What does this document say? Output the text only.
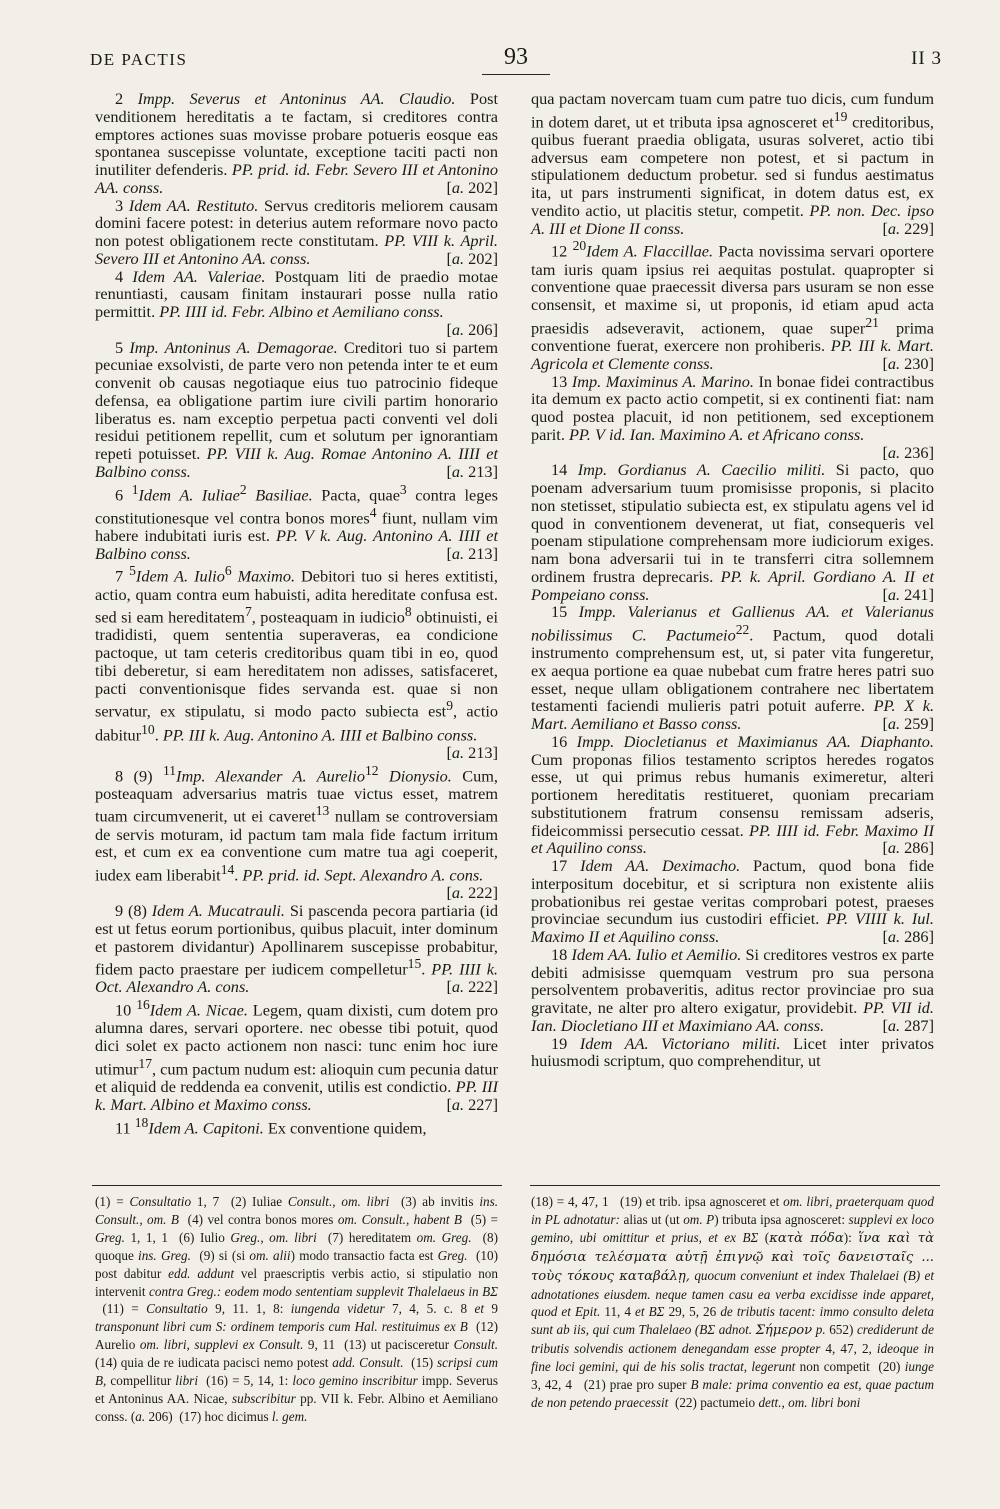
DE PACTIS	93	II 3

2 Impp. Severus et Antoninus AA. Claudio. Post venditionem hereditatis a te factam, si creditores contra emptores actiones suas movisse probare potueris eosque eas spontanea suscepisse voluntate, exceptione taciti pacti non inutiliter defenderis. PP. prid. id. Febr. Severo III et Antonino AA. conss.	[a. 202]

3 Idem AA. Restituto. Servus creditoris meliorem causam domini facere potest: in deterius autem reformare novo pacto non potest obligationem recte constitutam. PP. VIII k. April. Severo III et Antonino AA. conss.	[a. 202]

4 Idem AA. Valeriae. Postquam liti de praedio motae renuntiasti, causam finitam instaurari posse nulla ratio permittit. PP. IIII id. Febr. Albino et Aemiliano conss.
[a. 206]

5 Imp. Antoninus A. Demagorae. Creditori tuo si partem pecuniae exsolvisti, de parte vero non petenda inter te et eum convenit ob causas negotiaque eius tuo patrocinio fideque defensa, ea obligatione partim iure civili partim honorario liberatus es. nam exceptio perpetua pacti conventi vel doli residui petitionem repellit, cum et solutum per ignorantiam repeti potuisset. PP. VIII k. Aug. Romae Antonino A. IIII et Balbino conss.	[a. 213]

6 $^1$Idem A. Iuliae$^2$ Basiliae. Pacta, quae$^3$ contra leges constitutionesque vel contra bonos mores$^4$ fiunt, nullam vim habere indubitati iuris est. PP. V k. Aug. Antonino A. IIII et Balbino conss.	[a. 213]

7 $^5$Idem A. Iulio$^6$ Maximo. Debitori tuo si heres extitisti, actio, quam contra eum habuisti, adita hereditate confusa est. sed si eam hereditatem$^7$, posteaquam in iudicio$^8$ obtinuisti, ei tradidisti, quem sententia superaveras, ea condicione pactoque, ut tam ceteris creditoribus quam tibi in eo, quod tibi deberetur, si eam hereditatem non adisses, satisfaceret, pacti conventionisque fides servanda est. quae si non servatur, ex stipulatu, si modo pacto subiecta est$^9$, actio dabitur$^{10}$. PP. III k. Aug. Antonino A. IIII et Balbino conss.
[a. 213]

8 (9) $^{11}$Imp. Alexander A. Aurelio$^{12}$ Dionysio. Cum, posteaquam adversarius matris tuae victus esset, matrem tuam circumvenerit, ut ei caveret$^{13}$ nullam se controversiam de servis moturam, id pactum tam mala fide factum irritum est, et cum ex ea conventione cum matre tua agi coeperit, iudex eam liberabit$^{14}$. PP. prid. id. Sept. Alexandro A. cons.
[a. 222]

9 (8) Idem A. Mucatrauli. Si pascenda pecora partiaria (id est ut fetus eorum portionibus, quibus placuit, inter dominum et pastorem dividantur) Apollinarem suscepisse probabitur, fidem pacto praestare per iudicem compelletur$^{15}$. PP. IIII k. Oct. Alexandro A. cons.	[a. 222]

10 $^{16}$Idem A. Nicae. Legem, quam dixisti, cum dotem pro alumna dares, servari oportere. nec obesse tibi potuit, quod dici solet ex pacto actionem non nasci: tunc enim hoc iure utimur$^{17}$, cum pactum nudum est: alioquin cum pecunia datur et aliquid de reddenda ea convenit, utilis est condictio. PP. III k. Mart. Albino et Maximo conss.	[a. 227]

11 $^{18}$Idem A. Capitoni. Ex conventione quidem,

qua pactam novercam tuam cum patre tuo dicis, cum fundum in dotem daret, ut et tributa ipsa agnosceret $et^{19}$ creditoribus, quibus fuerant praedia obligata, usuras solveret, actio tibi adversus eam competere non potest, et si pactum in stipulationem deductum probetur. sed si fundus aestimatus ita, ut pars instrumenti significat, in dotem datus est, ex vendito actio, ut placitis stetur, competit. PP. non. Dec. ipso A. III et Dione II conss.	[a. 229]

12 $^{20}$Idem A. Flaccillae. Pacta novissima servari oportere tam iuris quam ipsius rei aequitas postulat. quapropter si conventione quae praecessit diversa pars usuram se non esse consensit, et maxime si, ut proponis, id etiam apud acta praesidis adseveravit, actionem, quae super$^{21}$ prima conventione fuerat, exercere non prohiberis. PP. III k. Mart. Agricola et Clemente conss.	[a. 230]

13 Imp. Maximinus A. Marino. In bonae fidei contractibus ita demum ex pacto actio competit, si ex continenti fiat: nam quod postea placuit, id non petitionem, sed exceptionem parit. PP. V id. Ian. Maximino A. et Africano conss.
[a. 236]

14 Imp. Gordianus A. Caecilio militi. Si pacto, quo poenam adversarium tuum promisisse proponis, si placito non stetisset, stipulatio subiecta est, ex stipulatu agens vel id quod in conventionem devenerat, ut fiat, consequeris vel poenam stipulatione comprehensam more iudiciorum exiges. nam bona adversarii tui in te transferri citra sollemnem ordinem frustra deprecaris. PP. k. April. Gordiano A. II et Pompeiano conss.	[a. 241]

15 Impp. Valerianus et Gallienus AA. et Valerianus nobilissimus C. Pactumeio$^{22}$. Pactum, quod dotali instrumento comprehensum est, ut, si pater vita fungeretur, ex aequa portione ea quae nubebat cum fratre heres patri suo esset, neque ullam obligationem contrahere nec libertatem testamenti faciendi mulieris patri potuit auferre. PP. X k. Mart. Aemiliano et Basso conss.	[a. 259]

16 Impp. Diocletianus et Maximianus AA. Diaphanto. Cum proponas filios testamento scriptos heredes rogatos esse, ut qui primus rebus humanis eximeretur, alteri portionem hereditatis restitueret, quoniam precariam substitutionem fratrum consensu remissam adseris, fideicommissi persecutio cessat. PP. IIII id. Febr. Maximo II et Aquilino conss.	[a. 286]

17 Idem AA. Deximacho. Pactum, quod bona fide interpositum docebitur, et si scriptura non existente aliis probationibus rei gestae veritas comprobari potest, praeses provinciae secundum ius custodiri efficiet. PP. VIIII k. Iul. Maximo II et Aquilino conss.	[a. 286]

18 Idem AA. Iulio et Aemilio. Si creditores vestros ex parte debiti admisisse quemquam vestrum pro sua persona persolventem probaveritis, aditus rector provinciae pro sua gravitate, ne alter pro altero exigatur, providebit. PP. VII id. Ian. Diocletiano III et Maximiano AA. conss.	[a. 287]

19 Idem AA. Victoriano militi. Licet inter privatos huiusmodi scriptum, quo comprehenditur, ut

(1) = Consultatio 1, 7  (2) Iuliae Consult., om. libri  (3) ab invitis ins. Consult., om. B  (4) vel contra bonos mores om. Consult., habent B  (5) = Greg. 1, 1, 1  (6) Iulio Greg., om. libri  (7) hereditatem om. Greg.  (8) quoque ins. Greg.  (9) si (si om. alii) modo transactio facta est Greg.  (10) post dabitur edd. addunt vel praescriptis verbis actio, si stipulatio non intervenit contra Greg.: eodem modo sententiam supplevit Thalelaeus in BΣ  (11) = Consultatio 9, 11. 1, 8: iungenda videtur 7, 4, 5. c. 8 et 9 transponunt libri cum S: ordinem temporis cum Hal. restituimus ex B  (12) Aurelio om. libri, supplevi ex Consult. 9, 11  (13) ut pacisceretur Consult. (14) quia de re iudicata pacisci nemo potest add. Consult.  (15) scripsi cum B, compellitur libri  (16) = 5, 14, 1: loco gemino inscribitur impp. Severus et Antoninus AA. Nicae, subscribitur pp. VII k. Febr. Albino et Aemiliano conss. (a. 206)  (17) hoc dicimus l. gem.

(18) = 4, 47, 1   (19) et trib. ipsa agnosceret et om. libri, praeterquam quod in PL adnotatur: alias ut (ut om. P) tributa ipsa agnosceret: supplevi ex loco gemino, ubi omittitur et prius, et ex BΣ (κατὰ πόδα): ἵνα καὶ τὰ δημόσια τελέσματα αὐτῇ ἐπιγνῷ καὶ τοῖς δανεισταῖς ... τοὺς τόκους καταβάλῃ, quocum conveniunt et index Thalelaei (B) et adnotationes eiusdem. neque tamen casu ea verba excidisse inde apparet, quod et Epit. 11, 4 et BΣ 29, 5, 26 de tributis tacent: immo consulto deleta sunt ab iis, qui cum Thalelaeo (BΣ adnot. Σήμερον p. 652) crediderunt de tributis solvendis actionem denegandam esse propter 4, 47, 2, ideoque in fine loci gemini, qui de his solis tractat, legerunt non competit  (20) iunge 3, 42, 4   (21) prae pro super B male: prima conventio ea est, quae pactum de non petendo praecessit  (22) pactumeio dett., om. libri boni
